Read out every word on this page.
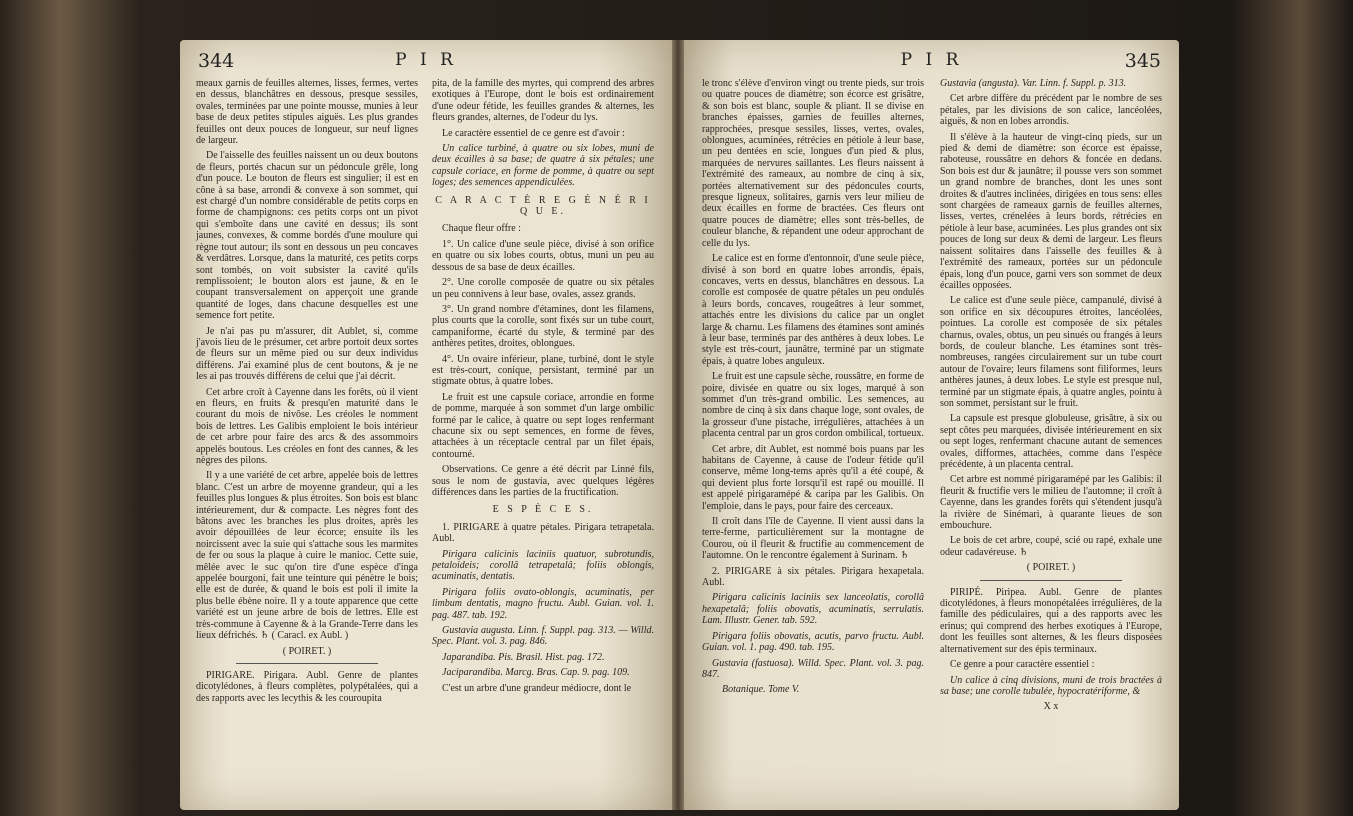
344	P I R

meaux garnis de feuilles alternes, lisses, fermes, vertes en dessus, blanchâtres en dessous, presque sessiles, ovales, terminées par une pointe mousse, munies à leur base de deux petites stipules aiguës. Les plus grandes feuilles ont deux pouces de longueur, sur neuf lignes de largeur.

De l'aisselle des feuilles naissent un ou deux boutons de fleurs, portés chacun sur un pédoncule grêle, long d'un pouce. Le bouton de fleurs est singulier; il est en cône à sa base, arrondi & convexe à son sommet, qui est chargé d'un nombre considérable de petits corps en forme de champignons: ces petits corps ont un pivot qui s'emboîte dans une cavité en dessus; ils sont jaunes, convexes, & comme bordés d'une moulure qui règne tout autour; ils sont en dessous un peu concaves & verdâtres. Lorsque, dans la maturité, ces petits corps sont tombés, on voit subsister la cavité qu'ils remplissoient; le bouton alors est jaune, & en le coupant transversalement on apperçoit une grande quantité de loges, dans chacune desquelles est une semence fort petite.

Je n'ai pas pu m'assurer, dit Aublet, si, comme j'avois lieu de le présumer, cet arbre portoit deux sortes de fleurs sur un même pied ou sur deux individus différens. J'ai examiné plus de cent boutons, & je ne les ai pas trouvés différens de celui que j'ai décrit.

Cet arbre croît à Cayenne dans les forêts, où il vient en fleurs, en fruits & presqu'en maturité dans le courant du mois de nivôse. Les créoles le nomment bois de lettres. Les Galibis emploient le bois intérieur de cet arbre pour faire des arcs & des assommoirs appelés boutous. Les créoles en font des cannes, & les nègres des pilons.

Il y a une variété de cet arbre, appelée bois de lettres blanc. C'est un arbre de moyenne grandeur, qui a les feuilles plus longues & plus étroites. Son bois est blanc intérieurement, dur & compacte. Les nègres font des bâtons avec les branches les plus droites, après les avoir dépouillées de leur écorce; ensuite ils les noircissent avec la suie qui s'attache sous les marmites de fer ou sous la plaque à cuire le manioc. Cette suie, mêlée avec le suc qu'on tire d'une espèce d'inga appelée bourgoni, fait une teinture qui pénètre le bois; elle est de durée, & quand le bois est poli il imite la plus belle ébène noire. Il y a toute apparence que cette variété est un jeune arbre de bois de lettres. Elle est très-commune à Cayenne & à la Grande-Terre dans les lieux défrichés. ♄ ( Caracl. ex Aubl. )

( POIRET. )

PIRIGARE. Pirigara. Aubl. Genre de plantes dicotylédones, à fleurs complètes, polypétalées, qui a des rapports avec les lecythis & les couroupita

pita, de la famille des myrtes, qui comprend des arbres exotiques à l'Europe, dont le bois est ordinairement d'une odeur fétide, les feuilles grandes & alternes, les fleurs grandes, alternes, de l'odeur du lys.

Le caractère essentiel de ce genre est d'avoir :

Un calice turbiné, à quatre ou six lobes, muni de deux écailles à sa base; de quatre à six pétales; une capsule coriace, en forme de pomme, à quatre ou sept loges; des semences appendiculées.

C A R A C T È R E G É N É R I Q U E.

Chaque fleur offre :

1°. Un calice d'une seule pièce, divisé à son orifice en quatre ou six lobes courts, obtus, muni un peu au dessous de sa base de deux écailles.

2°. Une corolle composée de quatre ou six pétales un peu connivens à leur base, ovales, assez grands.

3°. Un grand nombre d'étamines, dont les filamens, plus courts que la corolle, sont fixés sur un tube court, campaniforme, écarté du style, & terminé par des anthères petites, droites, oblongues.

4°. Un ovaire inférieur, plane, turbiné, dont le style est très-court, conique, persistant, terminé par un stigmate obtus, à quatre lobes.

Le fruit est une capsule coriace, arrondie en forme de pomme, marquée à son sommet d'un large ombilic formé par le calice, à quatre ou sept loges renfermant chacune six ou sept semences, en forme de fèves, attachées à un réceptacle central par un filet épais, contourné.

Observations. Ce genre a été décrit par Linné fils, sous le nom de gustavia, avec quelques légères différences dans les parties de la fructification.

E S P È C E S.

1. PIRIGARE à quatre pétales. Pirigara tetrapetala. Aubl.

Pirigara calicinis laciniis quatuor, subrotundis, petaloideis; corollâ tetrapetalâ; foliis oblongis, acuminatis, dentatis.

Pirigara foliis ovato-oblongis, acuminatis, per limbum dentatis, magno fructu. Aubl. Guian. vol. 1. pag. 487. tab. 192.

Gustavia augusta. Linn. f. Suppl. pag. 313. — Willd. Spec. Plant. vol. 3. pag. 846.

Japarandiba. Pis. Brasil. Hist. pag. 172.

Jaciparandiba. Marcg. Bras. Cap. 9. pag. 109.

C'est un arbre d'une grandeur médiocre, dont le

P I R	345

le tronc s'élève d'environ vingt ou trente pieds, sur trois ou quatre pouces de diamètre; son écorce est grisâtre, & son bois est blanc, souple & pliant. Il se divise en branches épaisses, garnies de feuilles alternes, rapprochées, presque sessiles, lisses, vertes, ovales, oblongues, acuminées, rétrécies en pétiole à leur base, un peu dentées en scie, longues d'un pied & plus, marquées de nervures saillantes. Les fleurs naissent à l'extrémité des rameaux, au nombre de cinq à six, portées alternativement sur des pédoncules courts, presque ligneux, solitaires, garnis vers leur milieu de deux écailles en forme de bractées. Ces fleurs ont quatre pouces de diamètre; elles sont très-belles, de couleur blanche, & répandent une odeur approchant de celle du lys.

Le calice est en forme d'entonnoir, d'une seule pièce, divisé à son bord en quatre lobes arrondis, épais, concaves, verts en dessus, blanchâtres en dessous. La corolle est composée de quatre pétales un peu ondulés à leurs bords, concaves, rougeâtres à leur sommet, attachés entre les divisions du calice par un onglet large & charnu. Les filamens des étamines sont aminés à leur base, terminés par des anthères à deux lobes. Le style est très-court, jaunâtre, terminé par un stigmate épais, à quatre lobes anguleux.

Le fruit est une capsule sèche, roussâtre, en forme de poire, divisée en quatre ou six loges, marqué à son sommet d'un très-grand ombilic. Les semences, au nombre de cinq à six dans chaque loge, sont ovales, de la grosseur d'une pistache, irrégulières, attachées à un placenta central par un gros cordon ombilical, tortueux.

Cet arbre, dit Aublet, est nommé bois puans par les habitans de Cayenne, à cause de l'odeur fétide qu'il conserve, même long-tems après qu'il a été coupé, & qui devient plus forte lorsqu'il est rapé ou mouillé. Il est appelé pirigaramépé & caripa par les Galibis. On l'emploie, dans le pays, pour faire des cerceaux.

Il croît dans l'île de Cayenne. Il vient aussi dans la terre-ferme, particulièrement sur la montagne de Courou, où il fleurit & fructifie au commencement de l'automne. On le rencontre également à Surinam. ♄

2. PIRIGARE à six pétales. Pirigara hexapetala. Aubl.

Pirigara calicinis laciniis sex lanceolatis, corollâ hexapetalâ; foliis obovatis, acuminatis, serrulatis. Lam. Illustr. Gener. tab. 592.

Pirigara foliis obovatis, acutis, parvo fructu. Aubl. Guian. vol. 1. pag. 490. tab. 195.

Gustavia (fastuosa). Willd. Spec. Plant. vol. 3. pag. 847.

Botanique. Tome V.

Gustavia (angusta). Var. Linn. f. Suppl. p. 313.

Cet arbre diffère du précédent par le nombre de ses pétales, par les divisions de son calice, lancéolées, aiguës, & non en lobes arrondis.

Il s'élève à la hauteur de vingt-cinq pieds, sur un pied & demi de diamètre: son écorce est épaisse, raboteuse, roussâtre en dehors & foncée en dedans. Son bois est dur & jaunâtre; il pousse vers son sommet un grand nombre de branches, dont les unes sont droites & d'autres inclinées, dirigées en tous sens: elles sont chargées de rameaux garnis de feuilles alternes, lisses, vertes, crénelées à leurs bords, rétrécies en pétiole à leur base, acuminées. Les plus grandes ont six pouces de long sur deux & demi de largeur. Les fleurs naissent solitaires dans l'aisselle des feuilles & à l'extrémité des rameaux, portées sur un pédoncule épais, long d'un pouce, garni vers son sommet de deux écailles opposées.

Le calice est d'une seule pièce, campanulé, divisé à son orifice en six découpures étroites, lancéolées, pointues. La corolle est composée de six pétales charnus, ovales, obtus, un peu sinués ou frangés à leurs bords, de couleur blanche. Les étamines sont très-nombreuses, rangées circulairement sur un tube court autour de l'ovaire; leurs filamens sont filiformes, leurs anthères jaunes, à deux lobes. Le style est presque nul, terminé par un stigmate épais, à quatre angles, pointu à son sommet, persistant sur le fruit.

La capsule est presque globuleuse, grisâtre, à six ou sept côtes peu marquées, divisée intérieurement en six ou sept loges, renfermant chacune autant de semences ovales, difformes, attachées, comme dans l'espèce précédente, à un placenta central.

Cet arbre est nommé pirigaramépé par les Galibis: il fleurit & fructifie vers le milieu de l'automne; il croît à Cayenne, dans les grandes forêts qui s'étendent jusqu'à la rivière de Sinémari, à quarante lieues de son embouchure.

Le bois de cet arbre, coupé, scié ou rapé, exhale une odeur cadavéreuse. ♄

( POIRET. )

PIRIPÉ. Piripea. Aubl. Genre de plantes dicotylédones, à fleurs monopétalées irrégulières, de la famille des pédiculaires, qui a des rapports avec les erinus; qui comprend des herbes exotiques à l'Europe, dont les feuilles sont alternes, & les fleurs disposées alternativement sur des épis terminaux.

Ce genre a pour caractère essentiel :

Un calice à cinq divisions, muni de trois bractées à sa base; une corolle tubulée, hypocratériforme, &

X x
